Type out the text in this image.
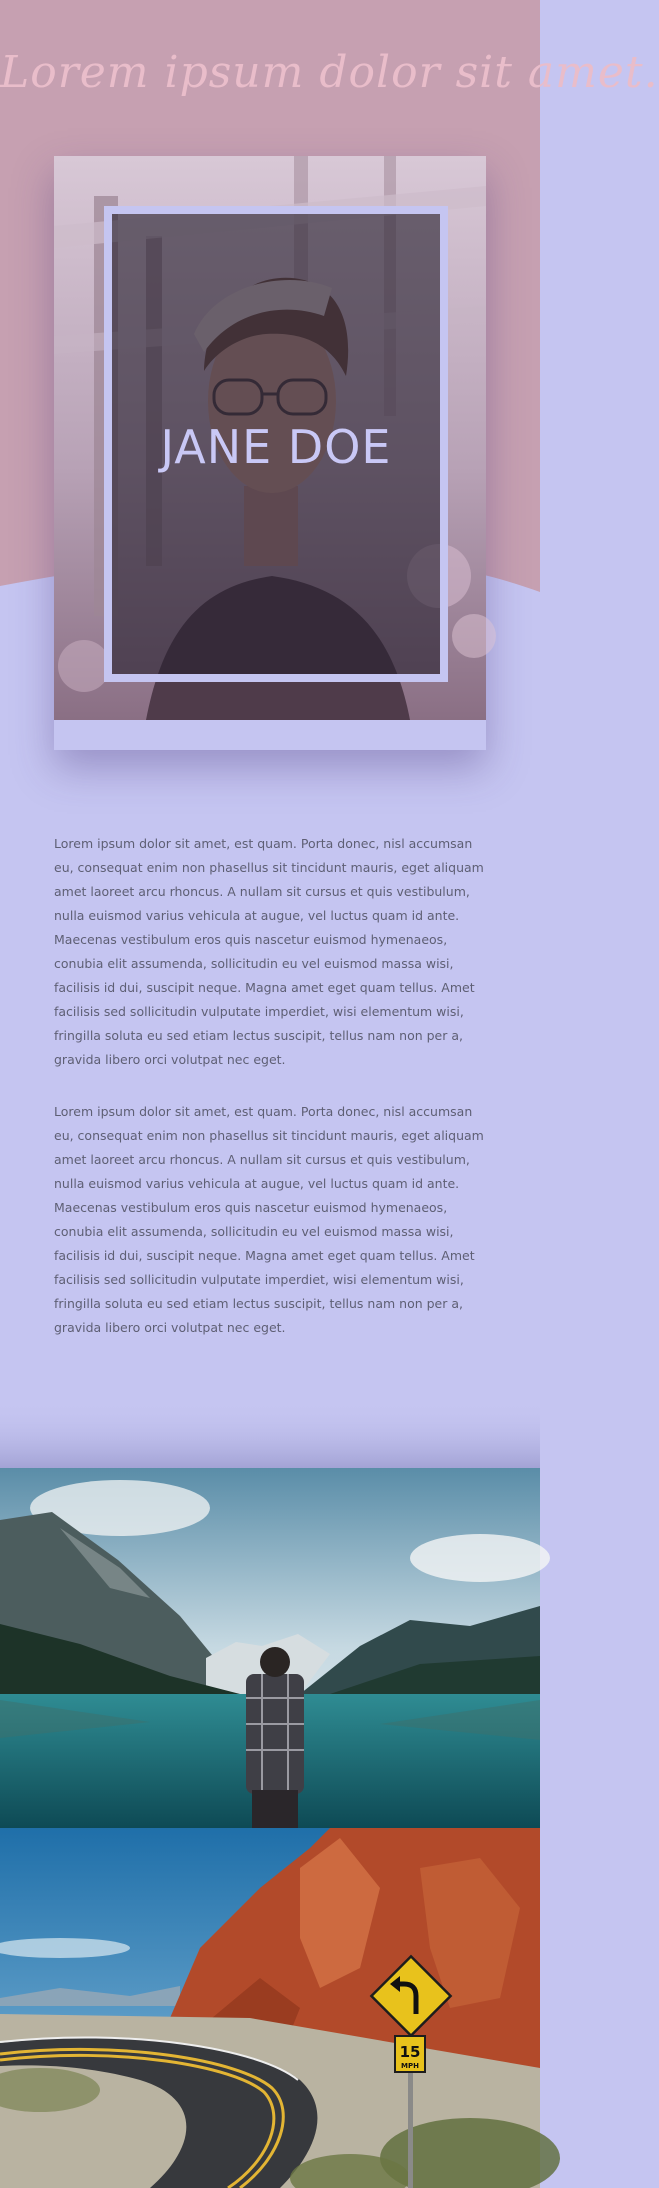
Lorem ipsum dolor sit amet.
JANE DOE

Lorem ipsum dolor sit amet, est quam. Porta donec, nisl accumsan eu, consequat enim non phasellus sit tincidunt mauris, eget aliquam amet laoreet arcu rhoncus. A nullam sit cursus et quis vestibulum, nulla euismod varius vehicula at augue, vel luctus quam id ante. Maecenas vestibulum eros quis nascetur euismod hymenaeos, conubia elit assumenda, sollicitudin eu vel euismod massa wisi, facilisis id dui, suscipit neque. Magna amet eget quam tellus. Amet facilisis sed sollicitudin vulputate imperdiet, wisi elementum wisi, fringilla soluta eu sed etiam lectus suscipit, tellus nam non per a, gravida libero orci volutpat nec eget.

Lorem ipsum dolor sit amet, est quam. Porta donec, nisl accumsan eu, consequat enim non phasellus sit tincidunt mauris, eget aliquam amet laoreet arcu rhoncus. A nullam sit cursus et quis vestibulum, nulla euismod varius vehicula at augue, vel luctus quam id ante. Maecenas vestibulum eros quis nascetur euismod hymenaeos, conubia elit assumenda, sollicitudin eu vel euismod massa wisi, facilisis id dui, suscipit neque. Magna amet eget quam tellus. Amet facilisis sed sollicitudin vulputate imperdiet, wisi elementum wisi, fringilla soluta eu sed etiam lectus suscipit, tellus nam non per a, gravida libero orci volutpat nec eget.

15
MPH
